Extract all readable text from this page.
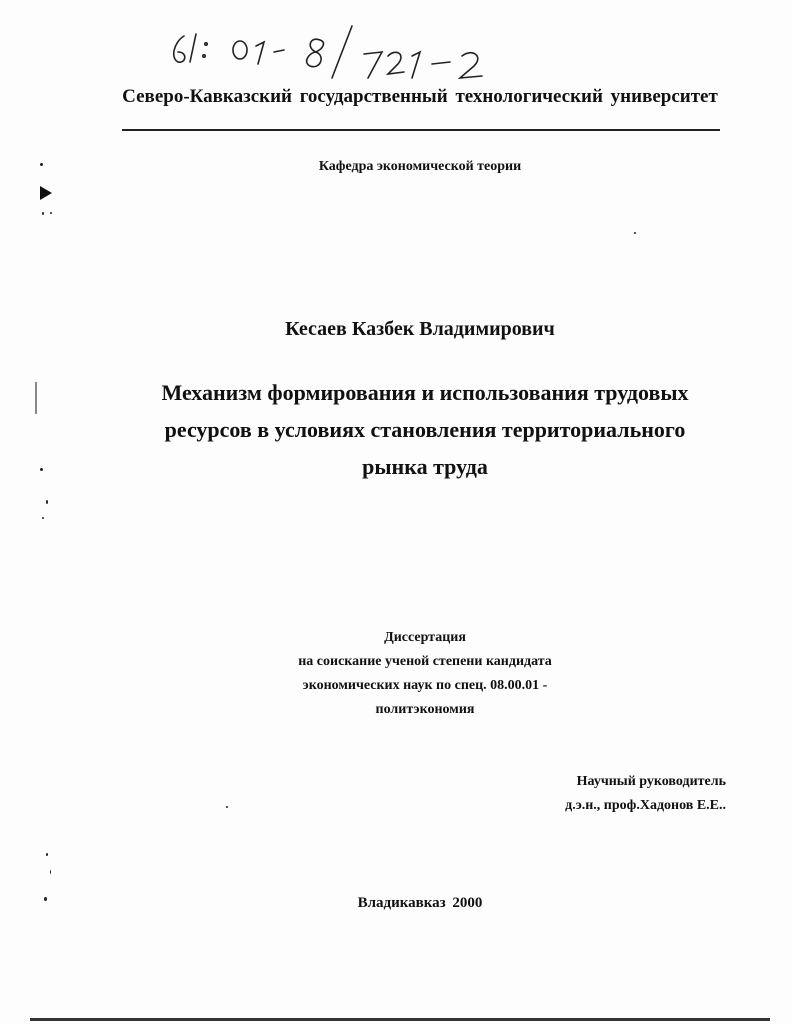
Северо-Кавказский государственный технологический университет
Кафедра экономической теории
Кесаев Казбек Владимирович
Механизм формирования и использования трудовых
ресурсов в условиях становления территориального
рынка труда
Диссертация
на соискание ученой степени кандидата
экономических наук по спец. 08.00.01 -
политэкономия
Научный руководитель
д.э.н., проф.Хадонов Е.Е..
Владикавказ 2000
